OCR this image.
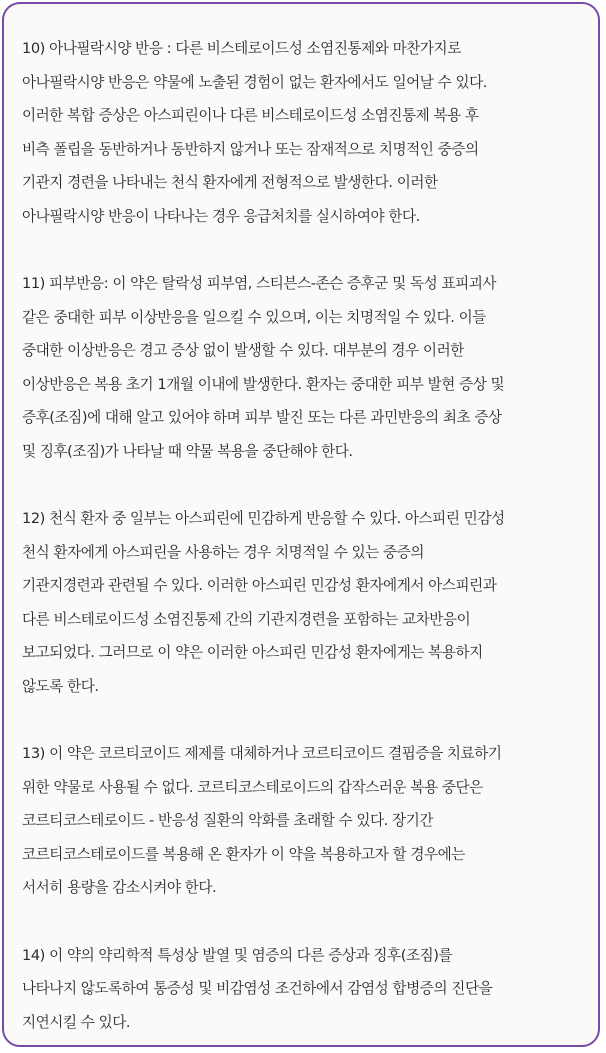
10) 아나필락시양 반응 : 다른 비스테로이드성 소염진통제와 마찬가지로
아나필락시양 반응은 약물에 노출된 경험이 없는 환자에서도 일어날 수 있다.
이러한 복합 증상은 아스피린이나 다른 비스테로이드성 소염진통제 복용 후
비측 폴립을 동반하거나 동반하지 않거나 또는 잠재적으로 치명적인 중증의
기관지 경련을 나타내는 천식 환자에게 전형적으로 발생한다. 이러한
아나필락시양 반응이 나타나는 경우 응급처치를 실시하여야 한다.

11) 피부반응: 이 약은 탈락성 피부염, 스티븐스-존슨 증후군 및 독성 표피괴사
같은 중대한 피부 이상반응을 일으킬 수 있으며, 이는 치명적일 수 있다. 이들
중대한 이상반응은 경고 증상 없이 발생할 수 있다. 대부분의 경우 이러한
이상반응은 복용 초기 1개월 이내에 발생한다. 환자는 중대한 피부 발현 증상 및
증후(조짐)에 대해 알고 있어야 하며 피부 발진 또는 다른 과민반응의 최초 증상
및 징후(조짐)가 나타날 때 약물 복용을 중단해야 한다.

12) 천식 환자 중 일부는 아스피린에 민감하게 반응할 수 있다. 아스피린 민감성
천식 환자에게 아스피린을 사용하는 경우 치명적일 수 있는 중증의
기관지경련과 관련될 수 있다. 이러한 아스피린 민감성 환자에게서 아스피린과
다른 비스테로이드성 소염진통제 간의 기관지경련을 포함하는 교차반응이
보고되었다. 그러므로 이 약은 이러한 아스피린 민감성 환자에게는 복용하지
않도록 한다.

13) 이 약은 코르티코이드 제제를 대체하거나 코르티코이드 결핍증을 치료하기
위한 약물로 사용될 수 없다. 코르티코스테로이드의 갑작스러운 복용 중단은
코르티코스테로이드 - 반응성 질환의 악화를 초래할 수 있다. 장기간
코르티코스테로이드를 복용해 온 환자가 이 약을 복용하고자 할 경우에는
서서히 용량을 감소시켜야 한다.

14) 이 약의 약리학적 특성상 발열 및 염증의 다른 증상과 징후(조짐)를
나타나지 않도록하여 통증성 및 비감염성 조건하에서 감염성 합병증의 진단을
지연시킬 수 있다.
